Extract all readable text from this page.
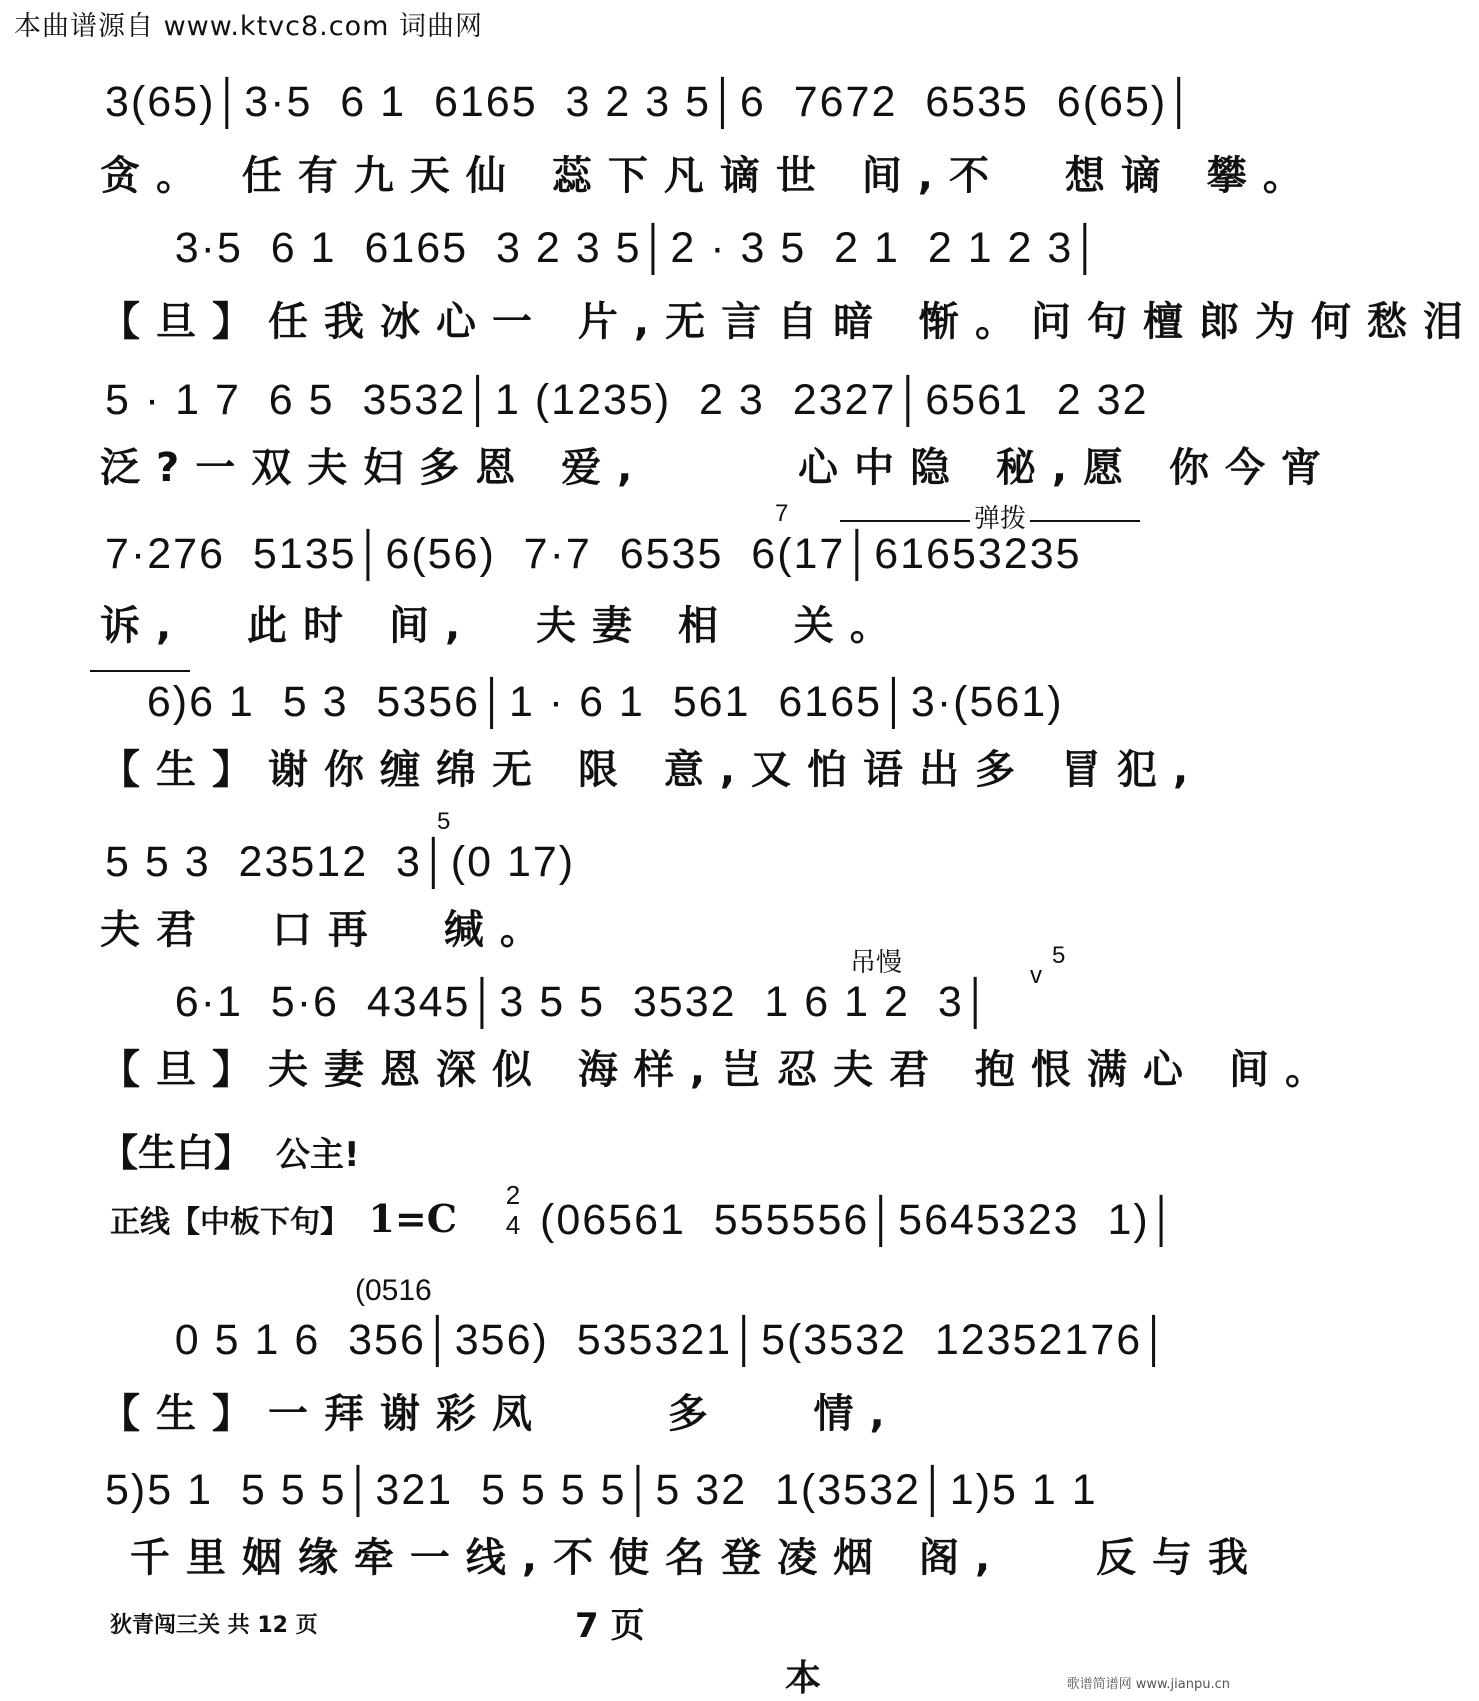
本曲谱源自 www.ktvc8.com 词曲网
3(65)│3·5  6 1  6165  3 2 3 5│6  7672  6535  6(65)│
贪。 任有九天仙 蕊下凡谪世 间,不  想谪 攀。
3·5  6 1  6165  3 2 3 5│2 · 3 5  2 1  2 1 2 3│
【旦】任我冰心一 片,无言自暗 惭。问句檀郎为何愁泪
5 · 1 7  6 5  3532│1 (1235)  2 3  2327│6561  2 32
泛?一双夫妇多恩 爱,     心中隐 秘,愿 你今宵
弹拨
7
7·276  5135│6(56)  7·7  6535  6(17│61653235
诉,  此时 间,  夫妻 相  关。
6)6 1  5 3  5356│1 · 6 1  561  6165│3·(561)
【生】谢你缠绵无 限 意,又怕语出多 冒犯,
5
5 5 3  23512  3│(0 17)
夫君  口再  缄。
吊慢	v
5
6·1  5·6  4345│3 5 5  3532  1 6 1 2  3│
【旦】夫妻恩深似 海样,岂忍夫君 抱恨满心 间。
【生白】 公主!
正线【中板下句】 1=C
2
4 (06561  555556│5645323  1)│
(0516
0 5 1 6  356│356)  535321│5(3532  12352176│
【生】一拜谢彩凤    多   情,
5)5 1  5 5 5│321  5 5 5 5│5 32  1(3532│1)5 1 1
千里姻缘牵一线,不使名登凌烟 阁,   反与我
狄青闯三关 共 12 页	7 页
本	歌谱简谱网 www.jianpu.cn
